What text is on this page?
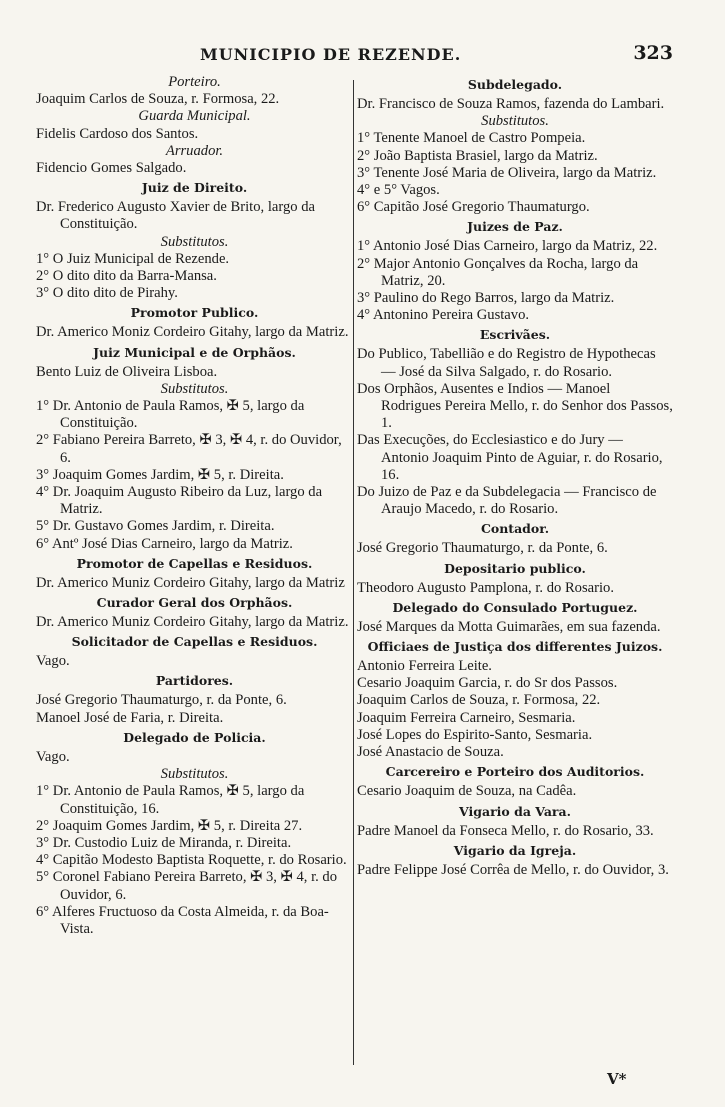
MUNICIPIO DE REZENDE.	323
Porteiro.
Joaquim Carlos de Souza, r. Formosa, 22.
Guarda Municipal.
Fidelis Cardoso dos Santos.
Arruador.
Fidencio Gomes Salgado.
Juiz de Direito.
Dr. Frederico Augusto Xavier de Brito, largo da Constituição.
Substitutos.
1° O Juiz Municipal de Rezende.
2° O dito dito da Barra-Mansa.
3° O dito dito de Pirahy.
Promotor Publico.
Dr. Americo Moniz Cordeiro Gitahy, largo da Matriz.
Juiz Municipal e de Orphãos.
Bento Luiz de Oliveira Lisboa.
Substitutos.
1° Dr. Antonio de Paula Ramos, ✠ 5, largo da Constituição.
2° Fabiano Pereira Barreto, ✠ 3, ✠ 4, r. do Ouvidor, 6.
3° Joaquim Gomes Jardim, ✠ 5, r. Direita.
4° Dr. Joaquim Augusto Ribeiro da Luz, largo da Matriz.
5° Dr. Gustavo Gomes Jardim, r. Direita.
6° Antº José Dias Carneiro, largo da Matriz.
Promotor de Capellas e Residuos.
Dr. Americo Muniz Cordeiro Gitahy, largo da Matriz
Curador Geral dos Orphãos.
Dr. Americo Muniz Cordeiro Gitahy, largo da Matriz.
Solicitador de Capellas e Residuos.
Vago.
Partidores.
José Gregorio Thaumaturgo, r. da Ponte, 6.
Manoel José de Faria, r. Direita.
Delegado de Policia.
Vago.
Substitutos.
1° Dr. Antonio de Paula Ramos, ✠ 5, largo da Constituição, 16.
2° Joaquim Gomes Jardim, ✠ 5, r. Direita 27.
3° Dr. Custodio Luiz de Miranda, r. Direita.
4° Capitão Modesto Baptista Roquette, r. do Rosario.
5° Coronel Fabiano Pereira Barreto, ✠ 3, ✠ 4, r. do Ouvidor, 6.
6° Alferes Fructuoso da Costa Almeida, r. da Boa-Vista.
Subdelegado.
Dr. Francisco de Souza Ramos, fazenda do Lambari.
Substitutos.
1° Tenente Manoel de Castro Pompeia.
2° João Baptista Brasiel, largo da Matriz.
3° Tenente José Maria de Oliveira, largo da Matriz.
4° e 5° Vagos.
6° Capitão José Gregorio Thaumaturgo.
Juizes de Paz.
1° Antonio José Dias Carneiro, largo da Matriz, 22.
2° Major Antonio Gonçalves da Rocha, largo da Matriz, 20.
3° Paulino do Rego Barros, largo da Matriz.
4° Antonino Pereira Gustavo.
Escrivães.
Do Publico, Tabellião e do Registro de Hypothecas — José da Silva Salgado, r. do Rosario.
Dos Orphãos, Ausentes e Indios — Manoel Rodrigues Pereira Mello, r. do Senhor dos Passos, 1.
Das Execuções, do Ecclesiastico e do Jury — Antonio Joaquim Pinto de Aguiar, r. do Rosario, 16.
Do Juizo de Paz e da Subdelegacia — Francisco de Araujo Macedo, r. do Rosario.
Contador.
José Gregorio Thaumaturgo, r. da Ponte, 6.
Depositario publico.
Theodoro Augusto Pamplona, r. do Rosario.
Delegado do Consulado Portuguez.
José Marques da Motta Guimarães, em sua fazenda.
Officiaes de Justiça dos differentes Juizos.
Antonio Ferreira Leite.
Cesario Joaquim Garcia, r. do Sr dos Passos.
Joaquim Carlos de Souza, r. Formosa, 22.
Joaquim Ferreira Carneiro, Sesmaria.
José Lopes do Espirito-Santo, Sesmaria.
José Anastacio de Souza.
Carcereiro e Porteiro dos Auditorios.
Cesario Joaquim de Souza, na Cadêa.
Vigario da Vara.
Padre Manoel da Fonseca Mello, r. do Rosario, 33.
Vigario da Igreja.
Padre Felippe José Corrêa de Mello, r. do Ouvidor, 3.
V*
